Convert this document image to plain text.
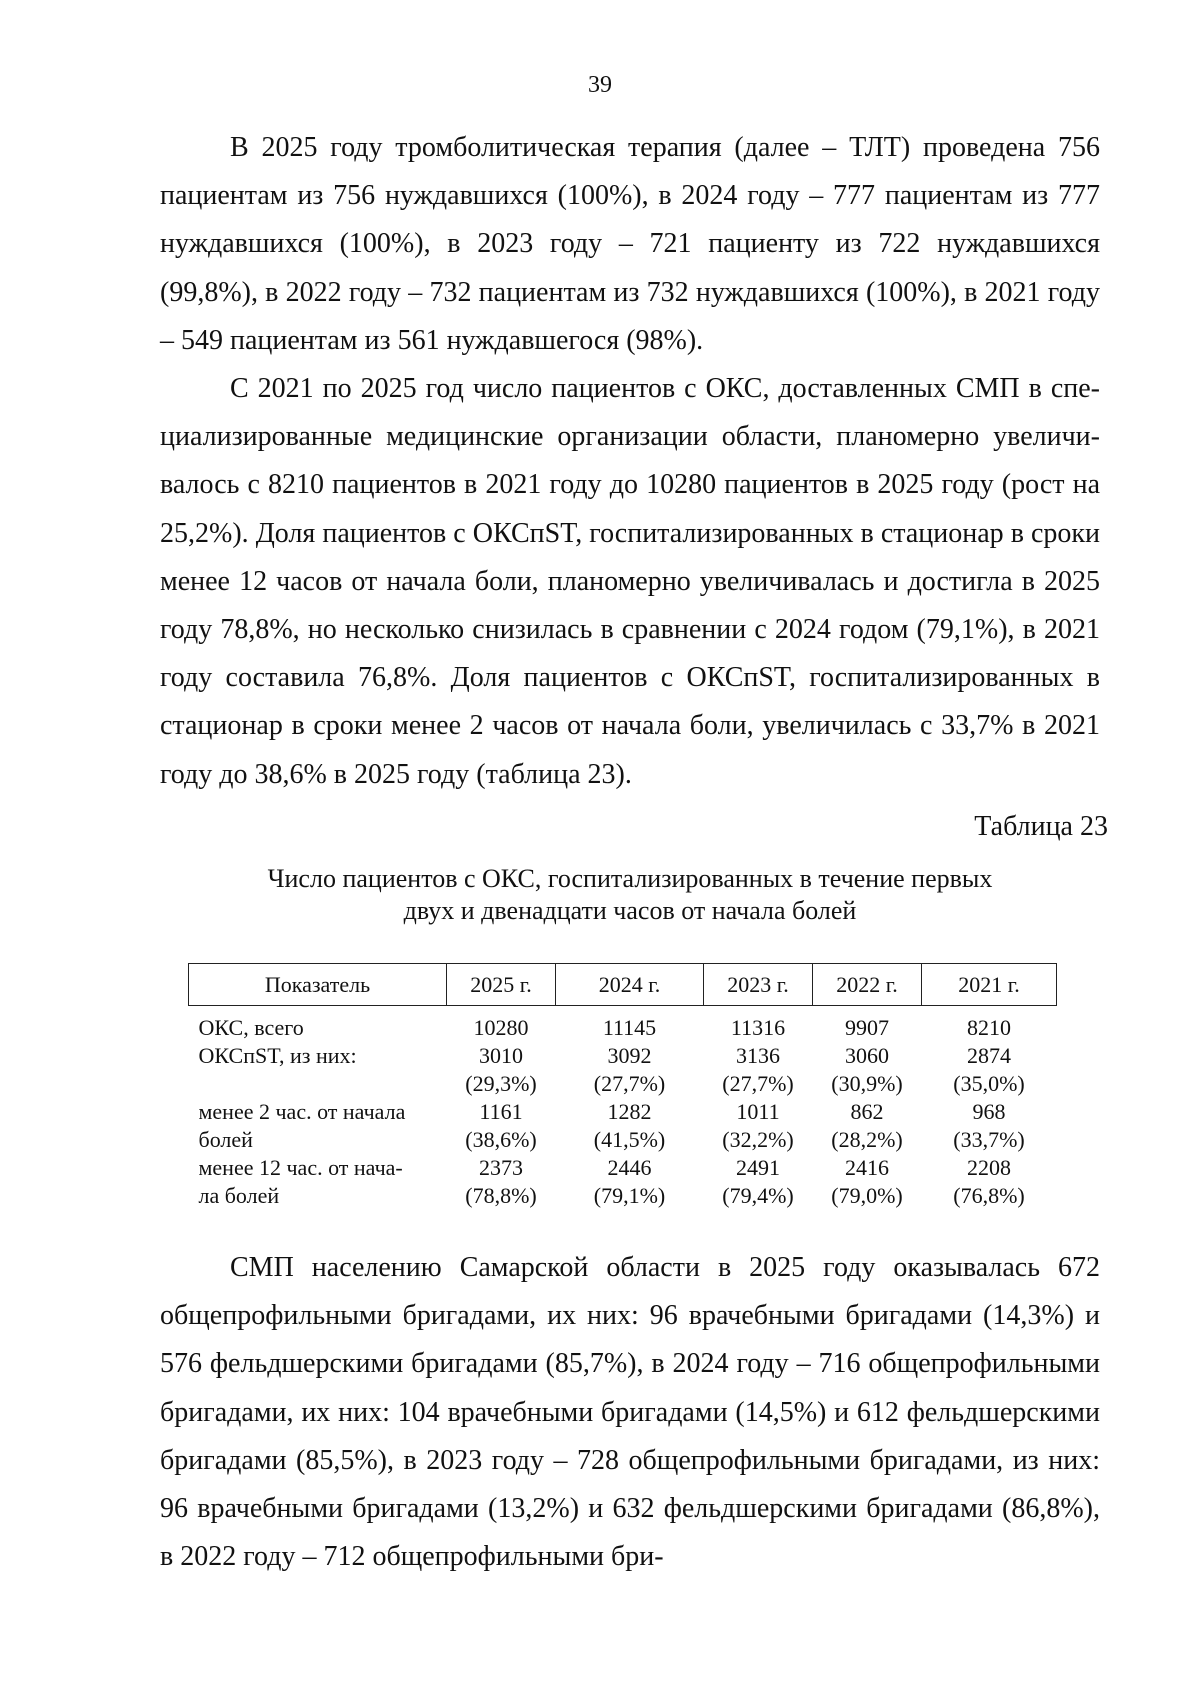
39

В 2025 году тромболитическая терапия (далее – ТЛТ) проведена 756 пациентам из 756 нуждавшихся (100%), в 2024 году – 777 пациентам из 777 нуждавшихся (100%), в 2023 году – 721 пациенту из 722 нуждавшихся (99,8%), в 2022 году – 732 пациентам из 732 нуждавшихся (100%), в 2021 году – 549 пациентам из 561 нуждавшегося (98%).

С 2021 по 2025 год число пациентов с ОКС, доставленных СМП в специализированные медицинские организации области, планомерно увеличивалось с 8210 пациентов в 2021 году до 10280 пациентов в 2025 году (рост на 25,2%). Доля пациентов с ОКСпST, госпитализированных в стационар в сроки менее 12 часов от начала боли, планомерно увеличивалась и достигла в 2025 году 78,8%, но несколько снизилась в сравнении с 2024 годом (79,1%), в 2021 году составила 76,8%. Доля пациентов с ОКСпST, госпитализированных в стационар в сроки менее 2 часов от начала боли, увеличилась с 33,7% в 2021 году до 38,6% в 2025 году (таблица 23).

Таблица 23
Число пациентов с ОКС, госпитализированных в течение первых
двух и двенадцати часов от начала болей
Показатель	2025 г.	2024 г.	2023 г.	2022 г.	2021 г.
ОКС, всего	10280	11145	11316	9907	8210
ОКСпST, из них:	3010	3092	3136	3060	2874
	(29,3%)	(27,7%)	(27,7%)	(30,9%)	(35,0%)
менее 2 час. от начала	1161	1282	1011	862	968
болей	(38,6%)	(41,5%)	(32,2%)	(28,2%)	(33,7%)
менее 12 час. от нача-	2373	2446	2491	2416	2208
ла болей	(78,8%)	(79,1%)	(79,4%)	(79,0%)	(76,8%)

СМП населению Самарской области в 2025 году оказывалась 672 общепрофильными бригадами, их них: 96 врачебными бригадами (14,3%) и 576 фельдшерскими бригадами (85,7%), в 2024 году – 716 общепрофильными бригадами, их них: 104 врачебными бригадами (14,5%) и 612 фельдшерскими бригадами (85,5%), в 2023 году – 728 общепрофильными бригадами, из них: 96 врачебными бригадами (13,2%) и 632 фельдшерскими бригадами (86,8%), в 2022 году – 712 общепрофильными бри-
